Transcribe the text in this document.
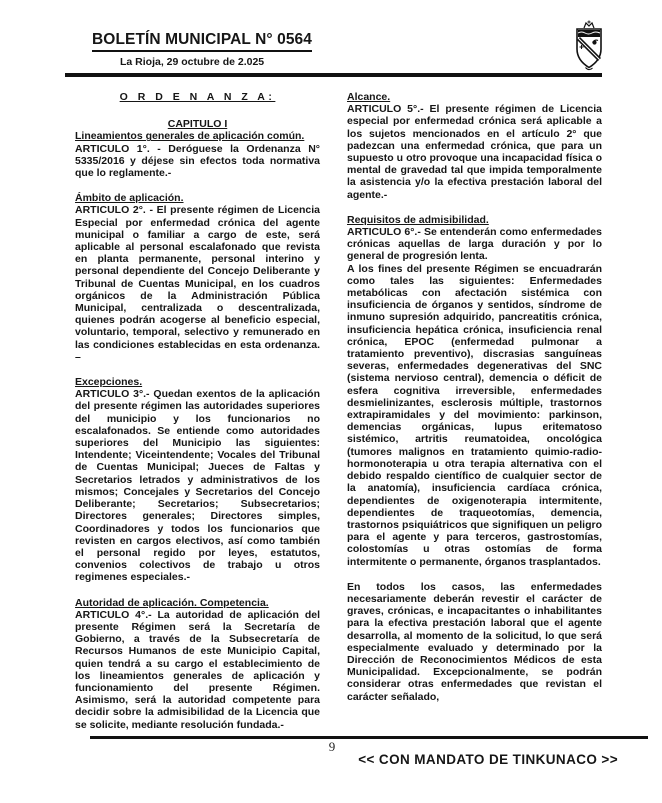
BOLETÍN MUNICIPAL N° 0564
La Rioja, 29 octubre de 2.025

O R D E N A N Z A:

CAPITULO I

Lineamientos generales de aplicación común.

ARTICULO 1°. - Deróguese la Ordenanza N° 5335/2016 y déjese sin efectos toda normativa que lo reglamente.-

Ámbito de aplicación.

ARTICULO 2°. - El presente régimen de Licencia Especial por enfermedad crónica del agente municipal o familiar a cargo de este, será aplicable al personal escalafonado que revista en planta permanente, personal interino y personal dependiente del Concejo Deliberante y Tribunal de Cuentas Municipal, en los cuadros orgánicos de la Administración Pública Municipal, centralizada o descentralizada, quienes podrán acogerse al beneficio especial, voluntario, temporal, selectivo y remunerado en las condiciones establecidas en esta ordenanza. –

Excepciones.

ARTICULO 3°.- Quedan exentos de la aplicación del presente régimen las autoridades superiores del municipio y los funcionarios no escalafonados. Se entiende como autoridades superiores del Municipio las siguientes: Intendente; Viceintendente; Vocales del Tribunal de Cuentas Municipal; Jueces de Faltas y Secretarios letrados y administrativos de los mismos; Concejales y Secretarios del Concejo Deliberante; Secretarios; Subsecretarios; Directores generales; Directores simples, Coordinadores y todos los funcionarios que revisten en cargos electivos, así como también el personal regido por leyes, estatutos, convenios colectivos de trabajo u otros regimenes especiales.-

Autoridad de aplicación. Competencia.

ARTICULO 4°.- La autoridad de aplicación del presente Régimen será la Secretaría de Gobierno, a través de la Subsecretaría de Recursos Humanos de este Municipio Capital, quien tendrá a su cargo el establecimiento de los lineamientos generales de aplicación y funcionamiento del presente Régimen. Asimismo, será la autoridad competente para decidir sobre la admisibilidad de la Licencia que se solicite, mediante resolución fundada.-

Alcance.

ARTICULO 5°.- El presente régimen de Licencia especial por enfermedad crónica será aplicable a los sujetos mencionados en el artículo 2° que padezcan una enfermedad crónica, que para un supuesto u otro provoque una incapacidad física o mental de gravedad tal que impida temporalmente la asistencia y/o la efectiva prestación laboral del agente.-

Requisitos de admisibilidad.

ARTICULO 6°.- Se entenderán como enfermedades crónicas aquellas de larga duración y por lo general de progresión lenta.

A los fines del presente Régimen se encuadrarán como tales las siguientes: Enfermedades metabólicas con afectación sistémica con insuficiencia de órganos y sentidos, síndrome de inmuno supresión adquirido, pancreatitis crónica, insuficiencia hepática crónica, insuficiencia renal crónica, EPOC (enfermedad pulmonar a tratamiento preventivo), discrasias sanguíneas severas, enfermedades degenerativas del SNC (sistema nervioso central), demencia o déficit de esfera cognitiva irreversible, enfermedades desmielinizantes, esclerosis múltiple, trastornos extrapiramidales y del movimiento: parkinson, demencias orgánicas, lupus eritematoso sistémico, artritis reumatoidea, oncológica (tumores malignos en tratamiento quimio-radio-hormonoterapia u otra terapia alternativa con el debido respaldo científico de cualquier sector de la anatomía), insuficiencia cardíaca crónica, dependientes de oxigenoterapia intermitente, dependientes de traqueotomías, demencia, trastornos psiquiátricos que signifiquen un peligro para el agente y para terceros, gastrostomías, colostomías u otras ostomías de forma intermitente o permanente, órganos trasplantados.

En todos los casos, las enfermedades necesariamente deberán revestir el carácter de graves, crónicas, e incapacitantes o inhabilitantes para la efectiva prestación laboral que el agente desarrolla, al momento de la solicitud, lo que será especialmente evaluado y determinado por la Dirección de Reconocimientos Médicos de esta Municipalidad. Excepcionalmente, se podrán considerar otras enfermedades que revistan el carácter señalado,

9
<< CON MANDATO DE TINKUNACO >>
